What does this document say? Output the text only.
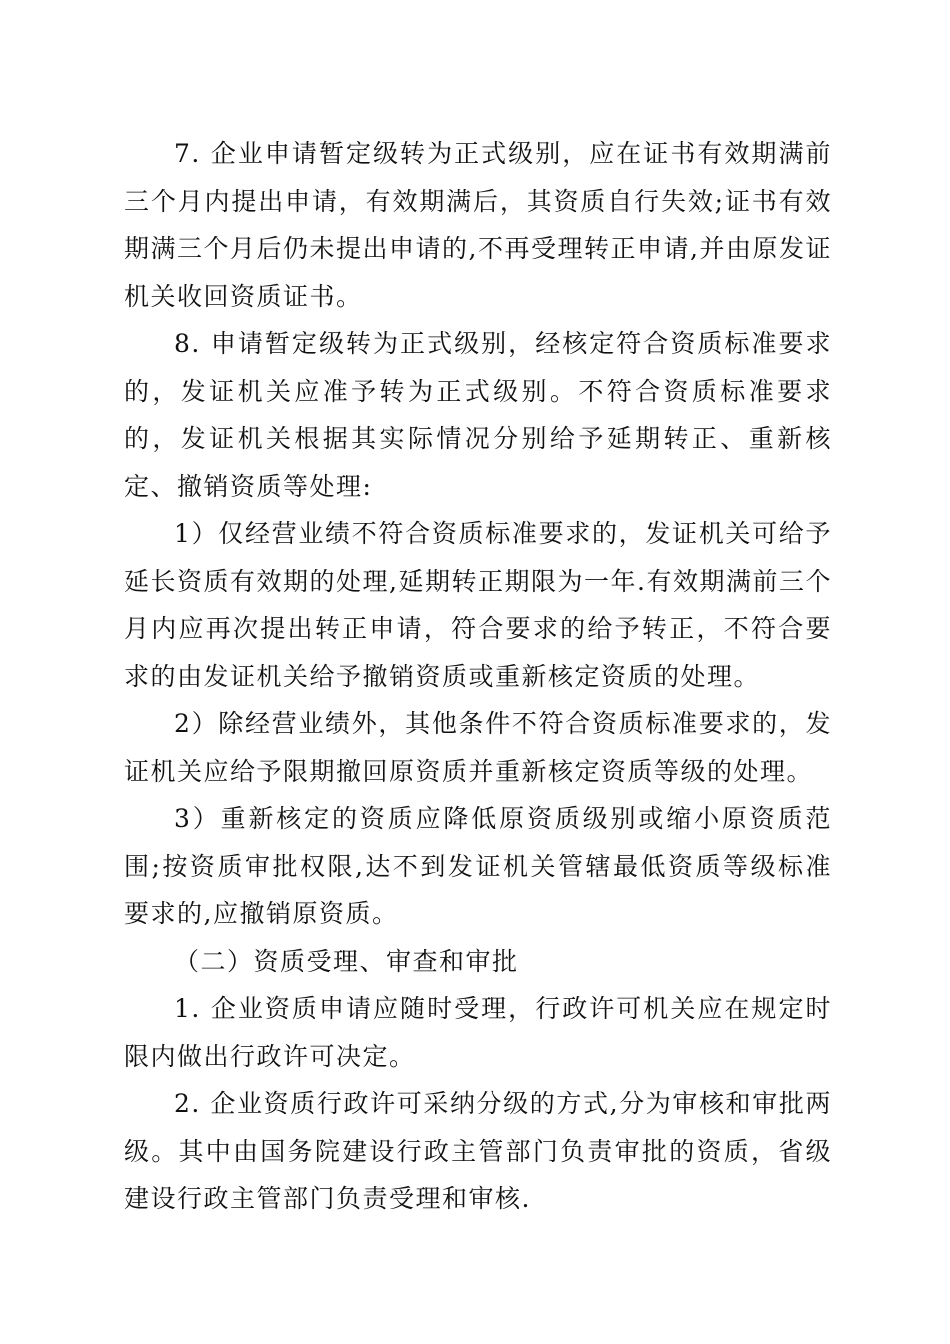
7. 企业申请暂定级转为正式级别，应在证书有效期满前三个月内提出申请，有效期满后，其资质自行失效;证书有效期满三个月后仍未提出申请的,不再受理转正申请,并由原发证机关收回资质证书。

8. 申请暂定级转为正式级别，经核定符合资质标准要求的，发证机关应准予转为正式级别。不符合资质标准要求的，发证机关根据其实际情况分别给予延期转正、重新核定、撤销资质等处理:

1）仅经营业绩不符合资质标准要求的，发证机关可给予延长资质有效期的处理,延期转正期限为一年.有效期满前三个月内应再次提出转正申请，符合要求的给予转正，不符合要求的由发证机关给予撤销资质或重新核定资质的处理。

2）除经营业绩外，其他条件不符合资质标准要求的，发证机关应给予限期撤回原资质并重新核定资质等级的处理。

3）重新核定的资质应降低原资质级别或缩小原资质范围;按资质审批权限,达不到发证机关管辖最低资质等级标准要求的,应撤销原资质。

（二）资质受理、审查和审批

1. 企业资质申请应随时受理，行政许可机关应在规定时限内做出行政许可决定。

2. 企业资质行政许可采纳分级的方式,分为审核和审批两级。其中由国务院建设行政主管部门负责审批的资质，省级建设行政主管部门负责受理和审核.
